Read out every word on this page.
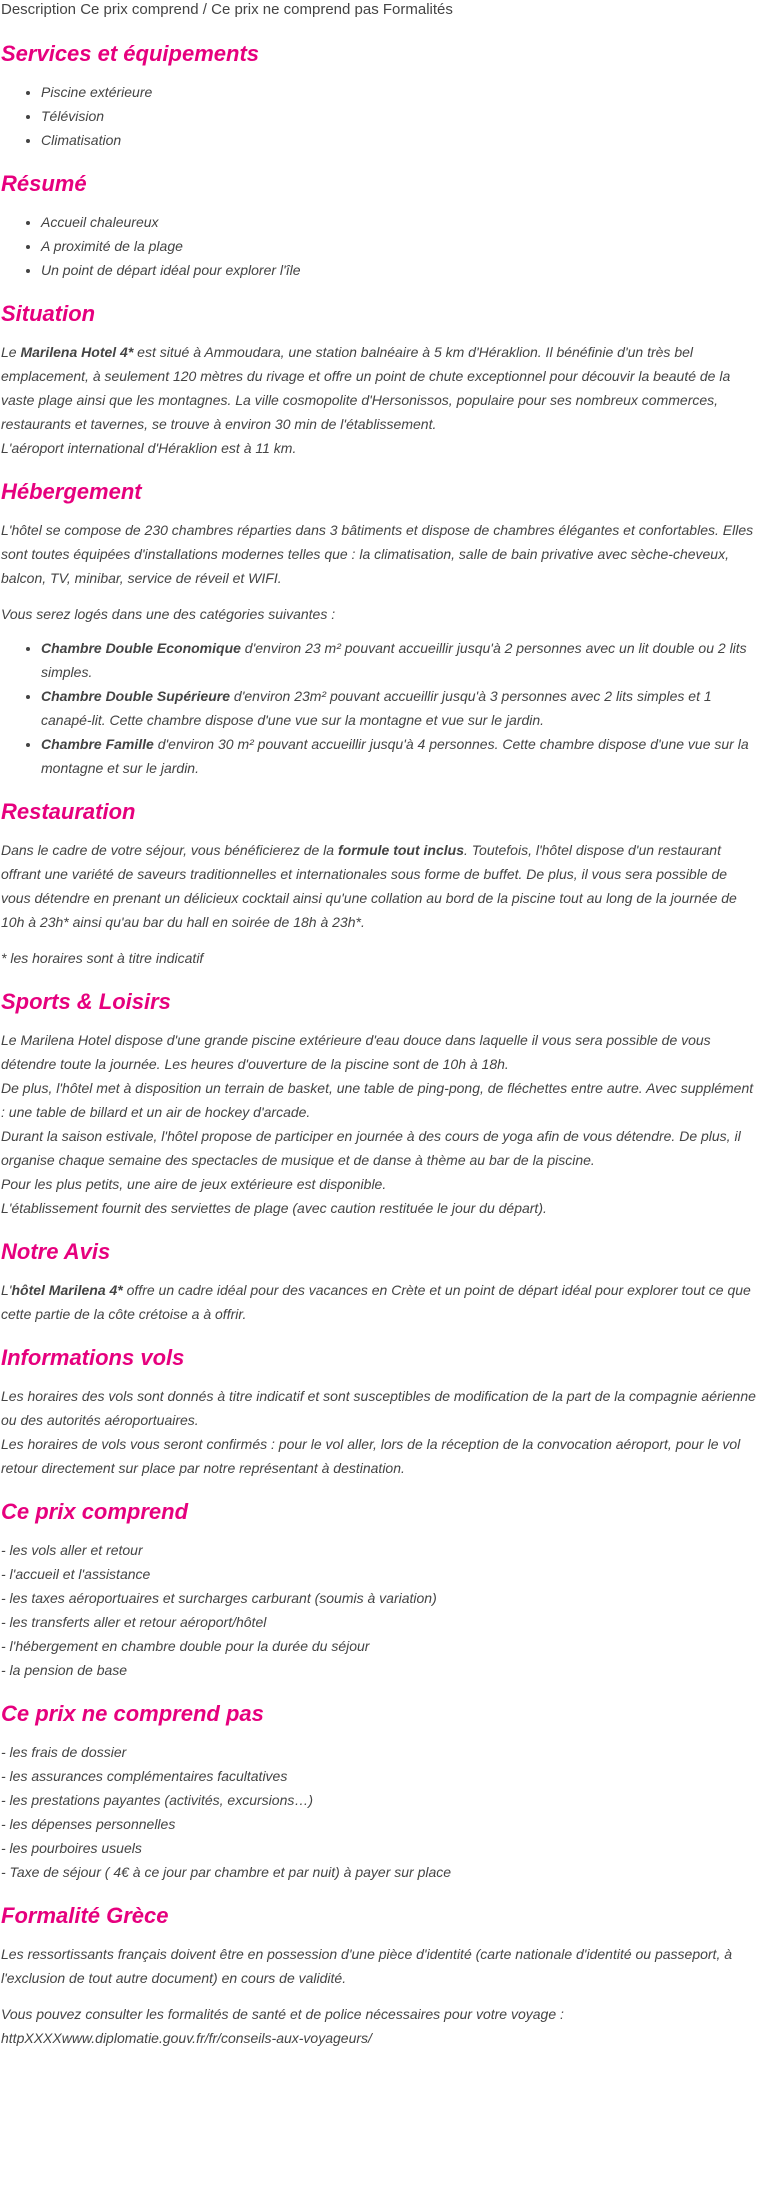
Description Ce prix comprend / Ce prix ne comprend pas Formalités
Services et équipements
• Piscine extérieure
• Télévision
• Climatisation
Résumé
• Accueil chaleureux
• A proximité de la plage
• Un point de départ idéal pour explorer l'île
Situation

Le Marilena Hotel 4* est situé à Ammoudara, une station balnéaire à 5 km d'Héraklion. Il bénéfinie d'un très bel emplacement, à seulement 120 mètres du rivage et offre un point de chute exceptionnel pour découvir la beauté de la vaste plage ainsi que les montagnes. La ville cosmopolite d'Hersonissos, populaire pour ses nombreux commerces, restaurants et tavernes, se trouve à environ 30 min de l'établissement.
L'aéroport international d'Héraklion est à 11 km.

Hébergement

L'hôtel se compose de 230 chambres réparties dans 3 bâtiments et dispose de chambres élégantes et confortables. Elles sont toutes équipées d'installations modernes telles que : la climatisation, salle de bain privative avec sèche-cheveux, balcon, TV, minibar, service de réveil et WIFI.

Vous serez logés dans une des catégories suivantes :

• Chambre Double Economique d'environ 23 m² pouvant accueillir jusqu'à 2 personnes avec un lit double ou 2 lits simples.
• Chambre Double Supérieure d'environ 23m² pouvant accueillir jusqu'à 3 personnes avec 2 lits simples et 1 canapé-lit. Cette chambre dispose d'une vue sur la montagne et vue sur le jardin.
• Chambre Famille d'environ 30 m² pouvant accueillir jusqu'à 4 personnes. Cette chambre dispose d'une vue sur la montagne et sur le jardin.
Restauration

Dans le cadre de votre séjour, vous bénéficierez de la formule tout inclus. Toutefois, l'hôtel dispose d'un restaurant offrant une variété de saveurs traditionnelles et internationales sous forme de buffet. De plus, il vous sera possible de vous détendre en prenant un délicieux cocktail ainsi qu'une collation au bord de la piscine tout au long de la journée de 10h à 23h* ainsi qu'au bar du hall en soirée de 18h à 23h*.

* les horaires sont à titre indicatif

Sports & Loisirs

Le Marilena Hotel dispose d'une grande piscine extérieure d'eau douce dans laquelle il vous sera possible de vous détendre toute la journée. Les heures d'ouverture de la piscine sont de 10h à 18h.
De plus, l'hôtel met à disposition un terrain de basket, une table de ping-pong, de fléchettes entre autre. Avec supplément : une table de billard et un air de hockey d'arcade.
Durant la saison estivale, l'hôtel propose de participer en journée à des cours de yoga afin de vous détendre. De plus, il organise chaque semaine des spectacles de musique et de danse à thème au bar de la piscine.
Pour les plus petits, une aire de jeux extérieure est disponible.
L'établissement fournit des serviettes de plage (avec caution restituée le jour du départ).

Notre Avis

L'hôtel Marilena 4* offre un cadre idéal pour des vacances en Crète et un point de départ idéal pour explorer tout ce que cette partie de la côte crétoise a à offrir.

Informations vols

Les horaires des vols sont donnés à titre indicatif et sont susceptibles de modification de la part de la compagnie aérienne ou des autorités aéroportuaires.
Les horaires de vols vous seront confirmés : pour le vol aller, lors de la réception de la convocation aéroport, pour le vol retour directement sur place par notre représentant à destination.

Ce prix comprend

- les vols aller et retour
- l'accueil et l'assistance
- les taxes aéroportuaires et surcharges carburant (soumis à variation)
- les transferts aller et retour aéroport/hôtel
- l'hébergement en chambre double pour la durée du séjour
- la pension de base

Ce prix ne comprend pas

- les frais de dossier
- les assurances complémentaires facultatives
- les prestations payantes (activités, excursions…)
- les dépenses personnelles
- les pourboires usuels
- Taxe de séjour ( 4€ à ce jour par chambre et par nuit) à payer sur place

Formalité Grèce

Les ressortissants français doivent être en possession d'une pièce d'identité (carte nationale d'identité ou passeport, à l'exclusion de tout autre document) en cours de validité.

Vous pouvez consulter les formalités de santé et de police nécessaires pour votre voyage :
httpXXXXwww.diplomatie.gouv.fr/fr/conseils-aux-voyageurs/
